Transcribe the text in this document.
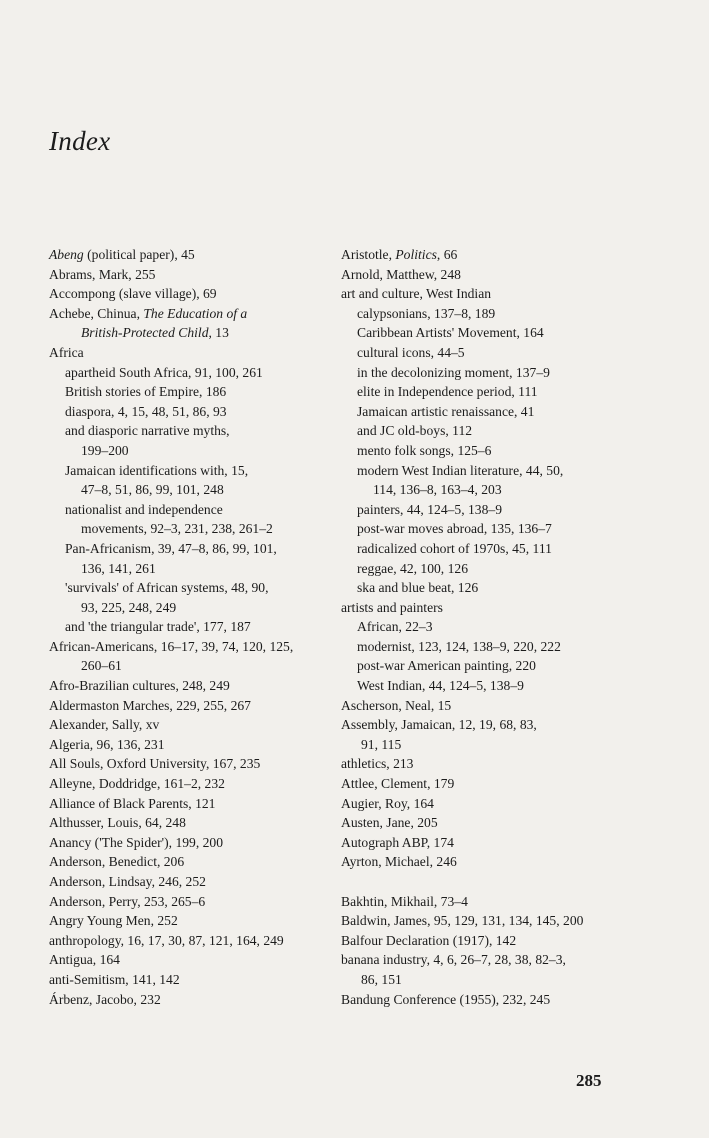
Index
Abeng (political paper), 45
Abrams, Mark, 255
Accompong (slave village), 69
Achebe, Chinua, The Education of a
British-Protected Child, 13
Africa
apartheid South Africa, 91, 100, 261
British stories of Empire, 186
diaspora, 4, 15, 48, 51, 86, 93
and diasporic narrative myths,
199–200
Jamaican identifications with, 15,
47–8, 51, 86, 99, 101, 248
nationalist and independence
movements, 92–3, 231, 238, 261–2
Pan-Africanism, 39, 47–8, 86, 99, 101,
136, 141, 261
'survivals' of African systems, 48, 90,
93, 225, 248, 249
and 'the triangular trade', 177, 187
African-Americans, 16–17, 39, 74, 120, 125,
260–61
Afro-Brazilian cultures, 248, 249
Aldermaston Marches, 229, 255, 267
Alexander, Sally, xv
Algeria, 96, 136, 231
All Souls, Oxford University, 167, 235
Alleyne, Doddridge, 161–2, 232
Alliance of Black Parents, 121
Althusser, Louis, 64, 248
Anancy ('The Spider'), 199, 200
Anderson, Benedict, 206
Anderson, Lindsay, 246, 252
Anderson, Perry, 253, 265–6
Angry Young Men, 252
anthropology, 16, 17, 30, 87, 121, 164, 249
Antigua, 164
anti-Semitism, 141, 142
Árbenz, Jacobo, 232
Aristotle, Politics, 66
Arnold, Matthew, 248
art and culture, West Indian
calypsonians, 137–8, 189
Caribbean Artists' Movement, 164
cultural icons, 44–5
in the decolonizing moment, 137–9
elite in Independence period, 111
Jamaican artistic renaissance, 41
and JC old-boys, 112
mento folk songs, 125–6
modern West Indian literature, 44, 50,
114, 136–8, 163–4, 203
painters, 44, 124–5, 138–9
post-war moves abroad, 135, 136–7
radicalized cohort of 1970s, 45, 111
reggae, 42, 100, 126
ska and blue beat, 126
artists and painters
African, 22–3
modernist, 123, 124, 138–9, 220, 222
post-war American painting, 220
West Indian, 44, 124–5, 138–9
Ascherson, Neal, 15
Assembly, Jamaican, 12, 19, 68, 83,
91, 115
athletics, 213
Attlee, Clement, 179
Augier, Roy, 164
Austen, Jane, 205
Autograph ABP, 174
Ayrton, Michael, 246
Bakhtin, Mikhail, 73–4
Baldwin, James, 95, 129, 131, 134, 145, 200
Balfour Declaration (1917), 142
banana industry, 4, 6, 26–7, 28, 38, 82–3,
86, 151
Bandung Conference (1955), 232, 245
285
